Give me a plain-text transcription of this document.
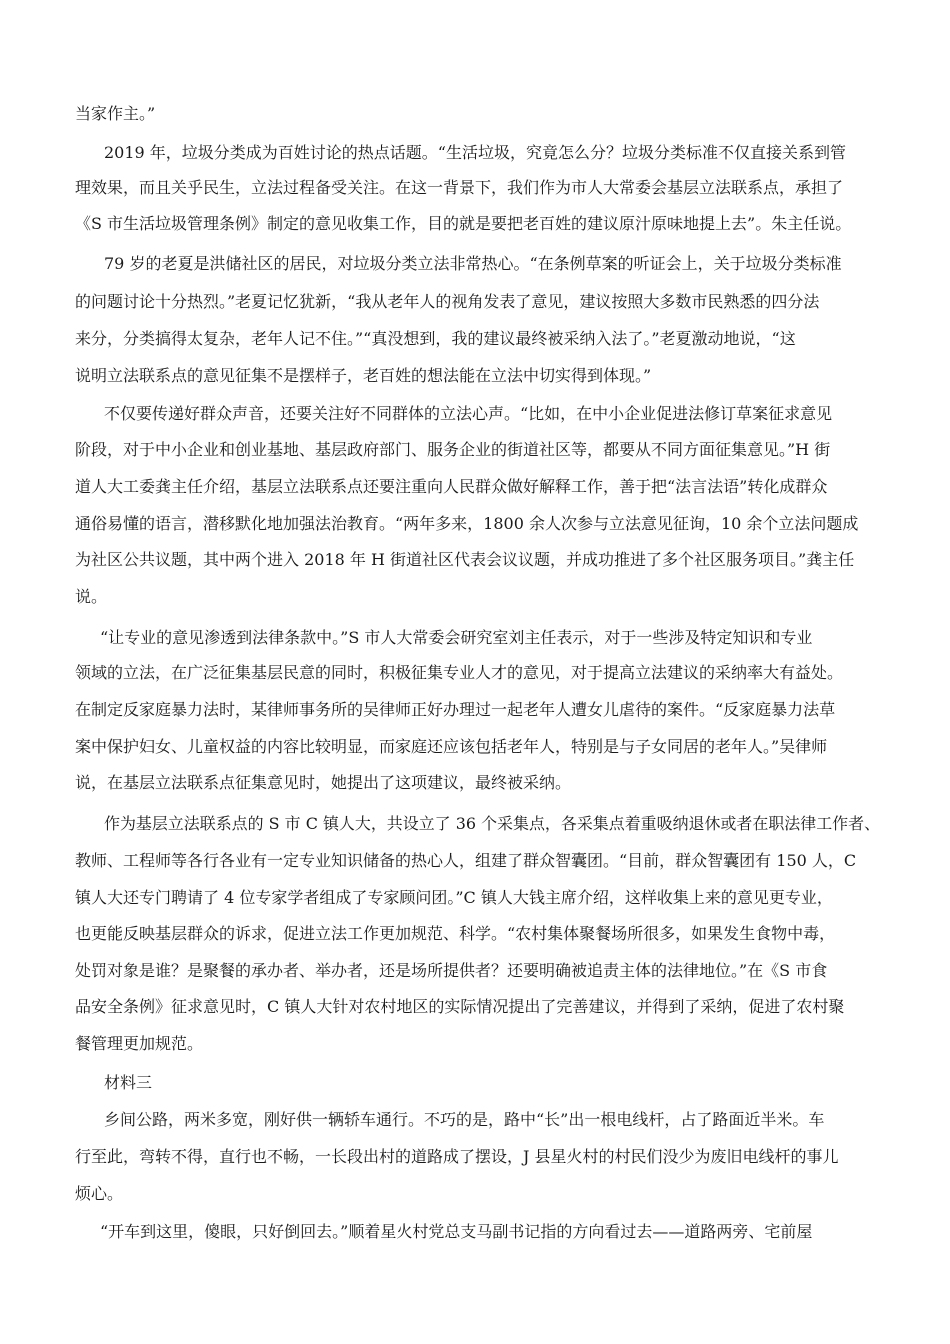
当家作主。”
2019 年，垃圾分类成为百姓讨论的热点话题。“生活垃圾，究竟怎么分？垃圾分类标准不仅直接关系到管
理效果，而且关乎民生，立法过程备受关注。在这一背景下，我们作为市人大常委会基层立法联系点，承担了
《S 市生活垃圾管理条例》制定的意见收集工作，目的就是要把老百姓的建议原汁原味地提上去”。朱主任说。
79 岁的老夏是洪储社区的居民，对垃圾分类立法非常热心。“在条例草案的听证会上，关于垃圾分类标准
的问题讨论十分热烈。”老夏记忆犹新，“我从老年人的视角发表了意见，建议按照大多数市民熟悉的四分法
来分，分类搞得太复杂，老年人记不住。”“真没想到，我的建议最终被采纳入法了。”老夏激动地说，“这
说明立法联系点的意见征集不是摆样子，老百姓的想法能在立法中切实得到体现。”
不仅要传递好群众声音，还要关注好不同群体的立法心声。“比如，在中小企业促进法修订草案征求意见
阶段，对于中小企业和创业基地、基层政府部门、服务企业的街道社区等，都要从不同方面征集意见。”H 街
道人大工委龚主任介绍，基层立法联系点还要注重向人民群众做好解释工作，善于把“法言法语”转化成群众
通俗易懂的语言，潜移默化地加强法治教育。“两年多来，1800 余人次参与立法意见征询，10 余个立法问题成
为社区公共议题，其中两个进入 2018 年 H 街道社区代表会议议题，并成功推进了多个社区服务项目。”龚主任
说。
“让专业的意见渗透到法律条款中。”S 市人大常委会研究室刘主任表示，对于一些涉及特定知识和专业
领域的立法，在广泛征集基层民意的同时，积极征集专业人才的意见，对于提高立法建议的采纳率大有益处。
在制定反家庭暴力法时，某律师事务所的吴律师正好办理过一起老年人遭女儿虐待的案件。“反家庭暴力法草
案中保护妇女、儿童权益的内容比较明显，而家庭还应该包括老年人，特别是与子女同居的老年人。”吴律师
说，在基层立法联系点征集意见时，她提出了这项建议，最终被采纳。
作为基层立法联系点的 S 市 C 镇人大，共设立了 36 个采集点，各采集点着重吸纳退休或者在职法律工作者、
教师、工程师等各行各业有一定专业知识储备的热心人，组建了群众智囊团。“目前，群众智囊团有 150 人，C
镇人大还专门聘请了 4 位专家学者组成了专家顾问团。”C 镇人大钱主席介绍，这样收集上来的意见更专业，
也更能反映基层群众的诉求，促进立法工作更加规范、科学。“农村集体聚餐场所很多，如果发生食物中毒，
处罚对象是谁？是聚餐的承办者、举办者，还是场所提供者？还要明确被追责主体的法律地位。”在《S 市食
品安全条例》征求意见时，C 镇人大针对农村地区的实际情况提出了完善建议，并得到了采纳，促进了农村聚
餐管理更加规范。
材料三
乡间公路，两米多宽，刚好供一辆轿车通行。不巧的是，路中“长”出一根电线杆，占了路面近半米。车
行至此，弯转不得，直行也不畅，一长段出村的道路成了摆设，J 县星火村的村民们没少为废旧电线杆的事儿
烦心。
“开车到这里，傻眼，只好倒回去。”顺着星火村党总支马副书记指的方向看过去——道路两旁、宅前屋
